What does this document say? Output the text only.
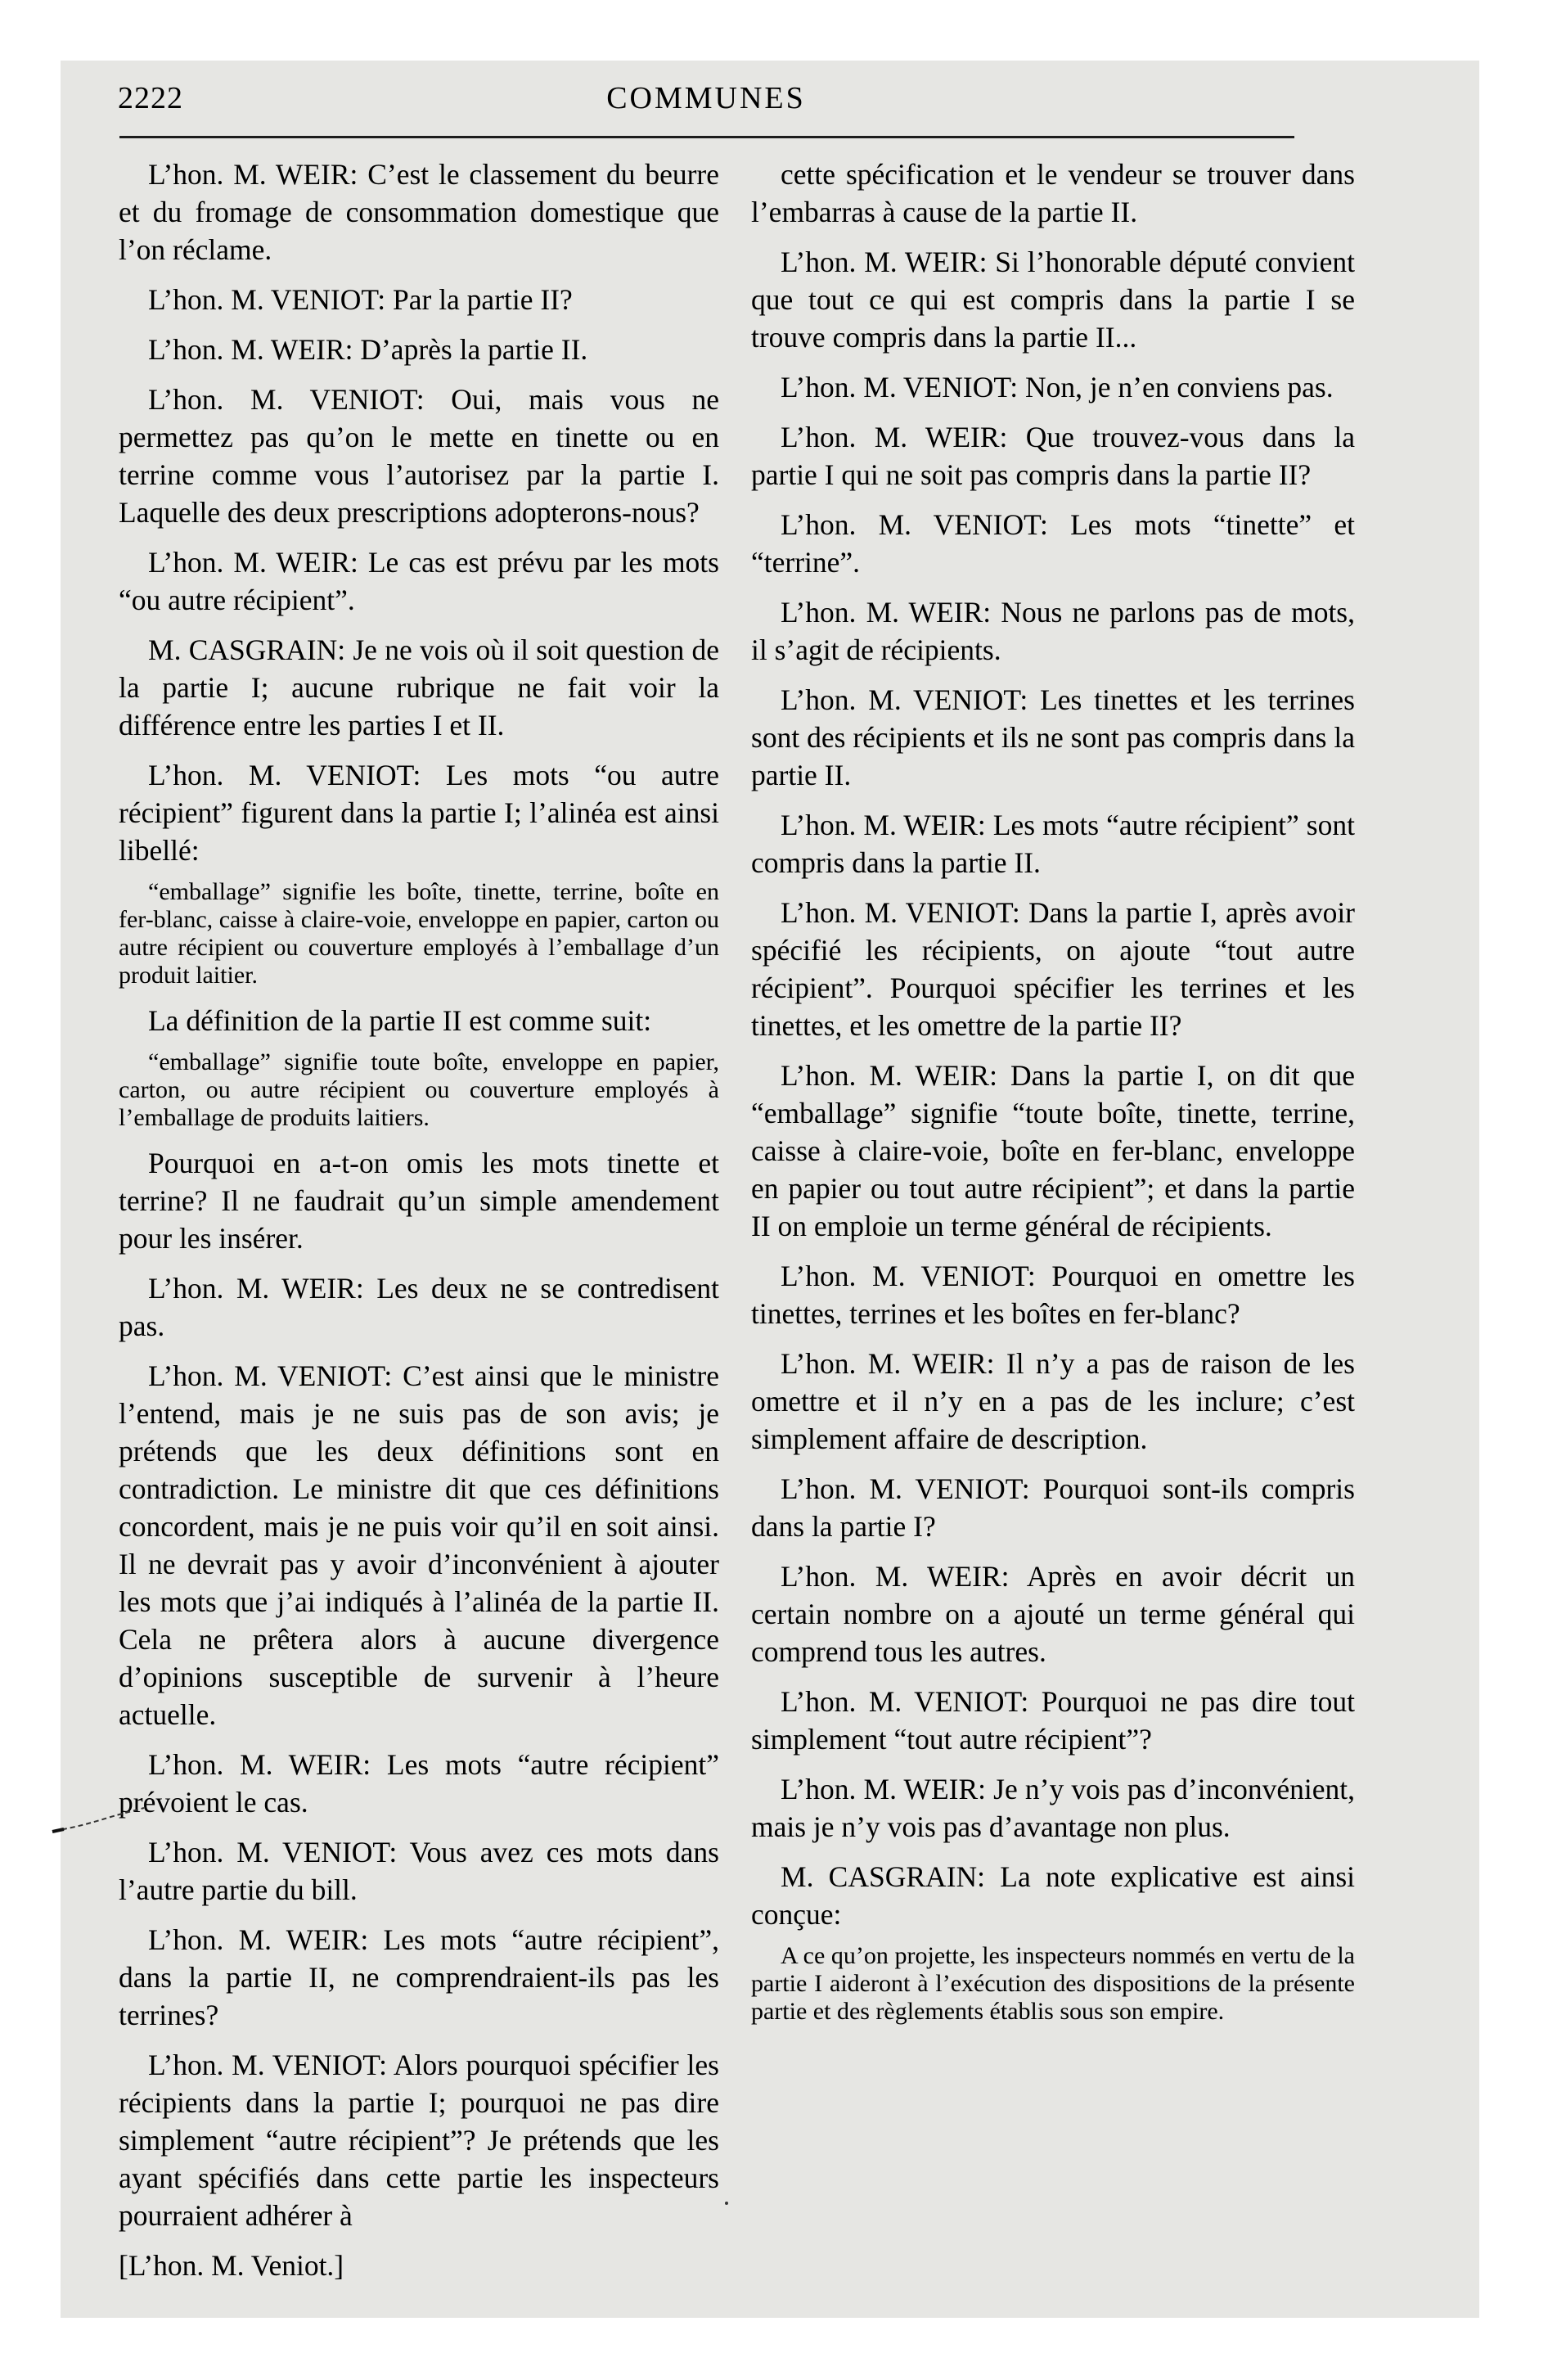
2222	COMMUNES

L’hon. M. WEIR: C’est le classement du beurre et du fromage de consommation domestique que l’on réclame.

L’hon. M. VENIOT: Par la partie II?

L’hon. M. WEIR: D’après la partie II.

L’hon. M. VENIOT: Oui, mais vous ne permettez pas qu’on le mette en tinette ou en terrine comme vous l’autorisez par la partie I. Laquelle des deux prescriptions adopterons-nous?

L’hon. M. WEIR: Le cas est prévu par les mots “ou autre récipient”.

M. CASGRAIN: Je ne vois où il soit question de la partie I; aucune rubrique ne fait voir la différence entre les parties I et II.

L’hon. M. VENIOT: Les mots “ou autre récipient” figurent dans la partie I; l’alinéa est ainsi libellé:

“emballage” signifie les boîte, tinette, terrine, boîte en fer-blanc, caisse à claire-voie, enveloppe en papier, carton ou autre récipient ou couverture employés à l’emballage d’un produit laitier.

La définition de la partie II est comme suit:

“emballage” signifie toute boîte, enveloppe en papier, carton, ou autre récipient ou couverture employés à l’emballage de produits laitiers.

Pourquoi en a-t-on omis les mots tinette et terrine? Il ne faudrait qu’un simple amendement pour les insérer.

L’hon. M. WEIR: Les deux ne se contredisent pas.

L’hon. M. VENIOT: C’est ainsi que le ministre l’entend, mais je ne suis pas de son avis; je prétends que les deux définitions sont en contradiction. Le ministre dit que ces définitions concordent, mais je ne puis voir qu’il en soit ainsi. Il ne devrait pas y avoir d’inconvénient à ajouter les mots que j’ai indiqués à l’alinéa de la partie II. Cela ne prêtera alors à aucune divergence d’opinions susceptible de survenir à l’heure actuelle.

L’hon. M. WEIR: Les mots “autre récipient” prévoient le cas.

L’hon. M. VENIOT: Vous avez ces mots dans l’autre partie du bill.

L’hon. M. WEIR: Les mots “autre récipient”, dans la partie II, ne comprendraient-ils pas les terrines?

L’hon. M. VENIOT: Alors pourquoi spécifier les récipients dans la partie I; pourquoi ne pas dire simplement “autre récipient”? Je prétends que les ayant spécifiés dans cette partie les inspecteurs pourraient adhérer à

[L’hon. M. Veniot.]

cette spécification et le vendeur se trouver dans l’embarras à cause de la partie II.

L’hon. M. WEIR: Si l’honorable député convient que tout ce qui est compris dans la partie I se trouve compris dans la partie II...

L’hon. M. VENIOT: Non, je n’en conviens pas.

L’hon. M. WEIR: Que trouvez-vous dans la partie I qui ne soit pas compris dans la partie II?

L’hon. M. VENIOT: Les mots “tinette” et “terrine”.

L’hon. M. WEIR: Nous ne parlons pas de mots, il s’agit de récipients.

L’hon. M. VENIOT: Les tinettes et les terrines sont des récipients et ils ne sont pas compris dans la partie II.

L’hon. M. WEIR: Les mots “autre récipient” sont compris dans la partie II.

L’hon. M. VENIOT: Dans la partie I, après avoir spécifié les récipients, on ajoute “tout autre récipient”. Pourquoi spécifier les terrines et les tinettes, et les omettre de la partie II?

L’hon. M. WEIR: Dans la partie I, on dit que “emballage” signifie “toute boîte, tinette, terrine, caisse à claire-voie, boîte en fer-blanc, enveloppe en papier ou tout autre récipient”; et dans la partie II on emploie un terme général de récipients.

L’hon. M. VENIOT: Pourquoi en omettre les tinettes, terrines et les boîtes en fer-blanc?

L’hon. M. WEIR: Il n’y a pas de raison de les omettre et il n’y en a pas de les inclure; c’est simplement affaire de description.

L’hon. M. VENIOT: Pourquoi sont-ils compris dans la partie I?

L’hon. M. WEIR: Après en avoir décrit un certain nombre on a ajouté un terme général qui comprend tous les autres.

L’hon. M. VENIOT: Pourquoi ne pas dire tout simplement “tout autre récipient”?

L’hon. M. WEIR: Je n’y vois pas d’inconvénient, mais je n’y vois pas d’avantage non plus.

M. CASGRAIN: La note explicative est ainsi conçue:

A ce qu’on projette, les inspecteurs nommés en vertu de la partie I aideront à l’exécution des dispositions de la présente partie et des règlements établis sous son empire.
